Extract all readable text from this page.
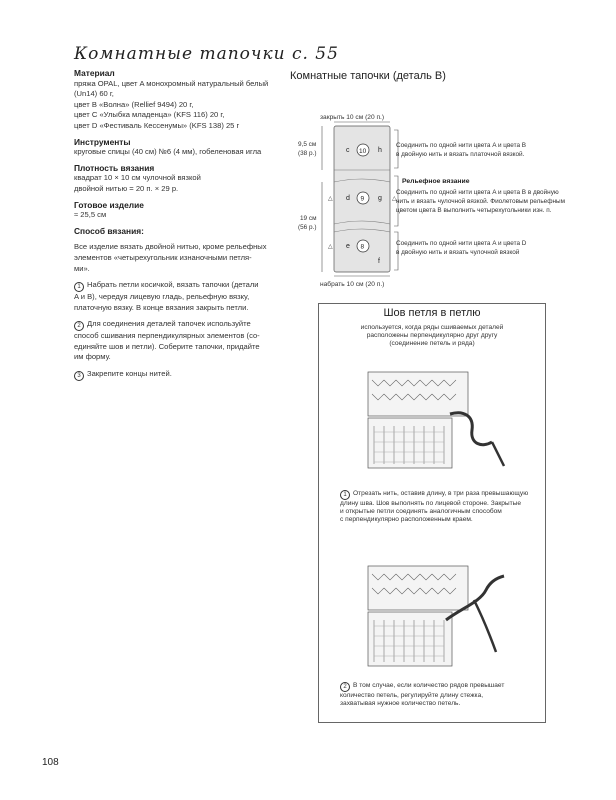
Комнатные тапочки с. 55
Материал
пряжа OPAL, цвет A монохромный натуральный белый
(Un14) 60 г,
цвет B «Волна» (Rellief 9494) 20 г,
цвет C «Улыбка младенца» (KFS 116) 20 г,
цвет D «Фестиваль Кессенумы» (KFS 138) 25 г
Инструменты
круговые спицы (40 см) №6 (4 мм), гобеленовая игла
Плотность вязания
квадрат 10 × 10 см чулочной вязкой
двойной нитью = 20 п. × 29 р.
Готовое изделие
≈ 25,5 см
Способ вязания:
Все изделие вязать двойной нитью, кроме рельефных
элементов «четырехугольник изнаночными петля-
ми».
1 Набрать петли косичкой, вязать тапочки (детали
A и B), чередуя лицевую гладь, рельефную вязку,
платочную вязку. В конце вязания закрыть петли.
2 Для соединения деталей тапочек используйте
способ сшивания перпендикулярных элементов (со-
единяйте шов и петли). Соберите тапочки, придайте
им форму.
3 Закрепите концы нитей.
Комнатные тапочки (деталь B)
закрыть 10 см (20 п.)
h
10
g
9
f
e 8
d
c
△
△
△
9,5 см
(38 р.)
19 см
(56 р.)
набрать 10 см (20 п.)
Соединить по одной нити цвета A и цвета B
в двойную нить и вязать платочной вязкой.
Рельефное вязание
Соединить по одной нити цвета A и цвета B в двойную
нить и вязать чулочной вязкой. Фиолетовым рельефным
цветом цвета B выполнить четырехугольники изн. п.
Соединить по одной нити цвета A и цвета D
в двойную нить и вязать чулочной вязкой
Шов петля в петлю
используется, когда ряды сшиваемых деталей
расположены перпендикулярно друг другу
(соединение петель и ряда)
1 Отрезать нить, оставив длину, в три раза превышающую
длину шва. Шов выполнять по лицевой стороне. Закрытые
и открытые петли соединять аналогичным способом
с перпендикулярно расположенным краем.
2 В том случае, если количество рядов превышает
количество петель, регулируйте длину стежка,
захватывая нужное количество петель.
108
